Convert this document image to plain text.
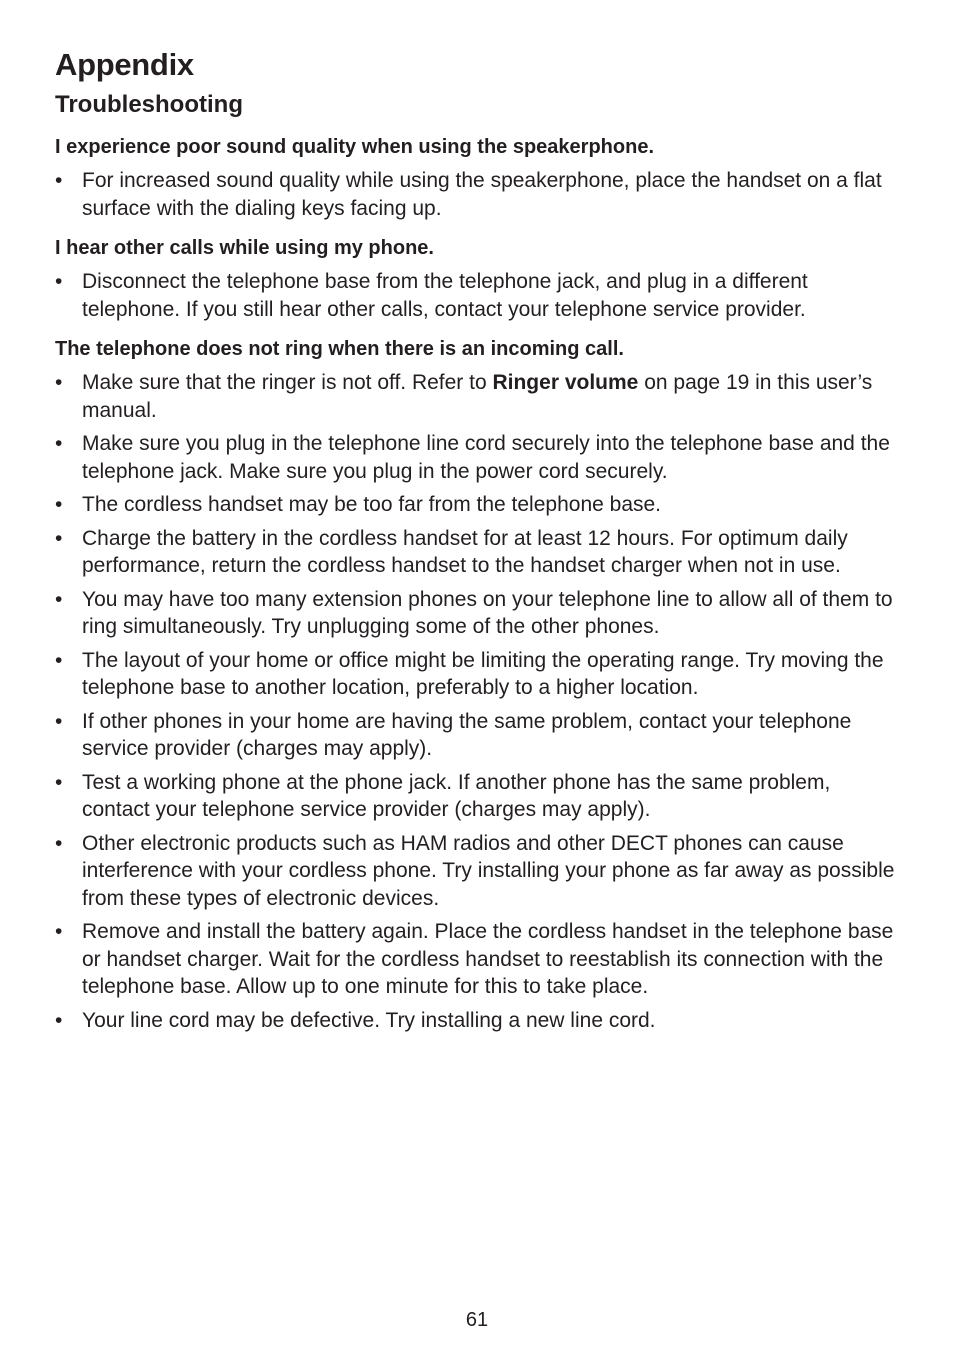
Appendix
Troubleshooting

I experience poor sound quality when using the speakerphone.

• For increased sound quality while using the speakerphone, place the handset on a flat surface with the dialing keys facing up.

I hear other calls while using my phone.

• Disconnect the telephone base from the telephone jack, and plug in a different telephone. If you still hear other calls, contact your telephone service provider.

The telephone does not ring when there is an incoming call.

• Make sure that the ringer is not off. Refer to Ringer volume on page 19 in this user’s manual.
• Make sure you plug in the telephone line cord securely into the telephone base and the telephone jack. Make sure you plug in the power cord securely.
• The cordless handset may be too far from the telephone base.
• Charge the battery in the cordless handset for at least 12 hours. For optimum daily performance, return the cordless handset to the handset charger when not in use.
• You may have too many extension phones on your telephone line to allow all of them to ring simultaneously. Try unplugging some of the other phones.
• The layout of your home or office might be limiting the operating range. Try moving the telephone base to another location, preferably to a higher location.
• If other phones in your home are having the same problem, contact your telephone service provider (charges may apply).
• Test a working phone at the phone jack. If another phone has the same problem, contact your telephone service provider (charges may apply).
• Other electronic products such as HAM radios and other DECT phones can cause interference with your cordless phone. Try installing your phone as far away as possible from these types of electronic devices.
• Remove and install the battery again. Place the cordless handset in the telephone base or handset charger. Wait for the cordless handset to reestablish its connection with the telephone base. Allow up to one minute for this to take place.
• Your line cord may be defective. Try installing a new line cord.
61
